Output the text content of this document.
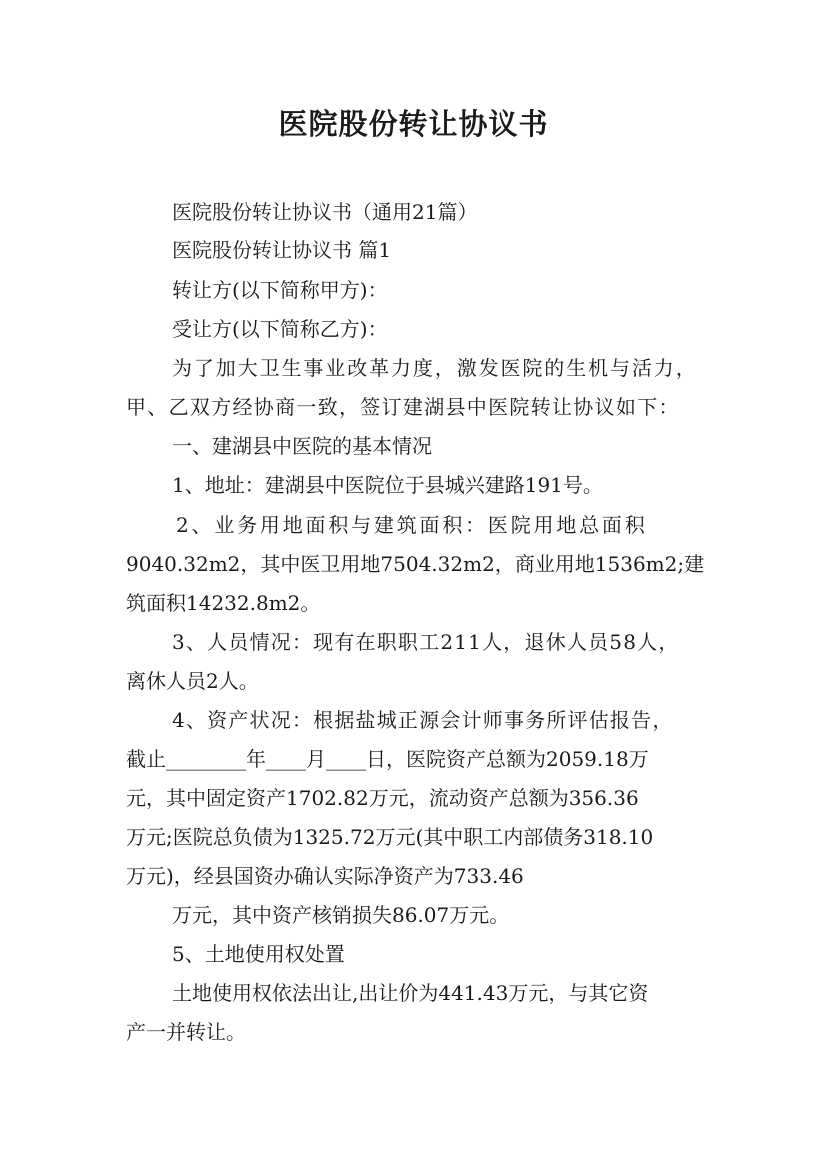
医院股份转让协议书
医院股份转让协议书（通用21篇）
医院股份转让协议书 篇1
转让方(以下简称甲方)：
受让方(以下简称乙方)：
为了加大卫生事业改革力度，激发医院的生机与活力，
甲、乙双方经协商一致，签订建湖县中医院转让协议如下：
一、建湖县中医院的基本情况
1、地址：建湖县中医院位于县城兴建路191号。
2、业务用地面积与建筑面积：医院用地总面积
9040.32m2，其中医卫用地7504.32m2，商业用地1536m2;建
筑面积14232.8m2。
3、人员情况：现有在职职工211人，退休人员58人，
离休人员2人。
4、资产状况：根据盐城正源会计师事务所评估报告，
截止________年____月____日，医院资产总额为2059.18万
元，其中固定资产1702.82万元，流动资产总额为356.36
万元;医院总负债为1325.72万元(其中职工内部债务318.10
万元)，经县国资办确认实际净资产为733.46
万元，其中资产核销损失86.07万元。
5、土地使用权处置
土地使用权依法出让,出让价为441.43万元，与其它资
产一并转让。
